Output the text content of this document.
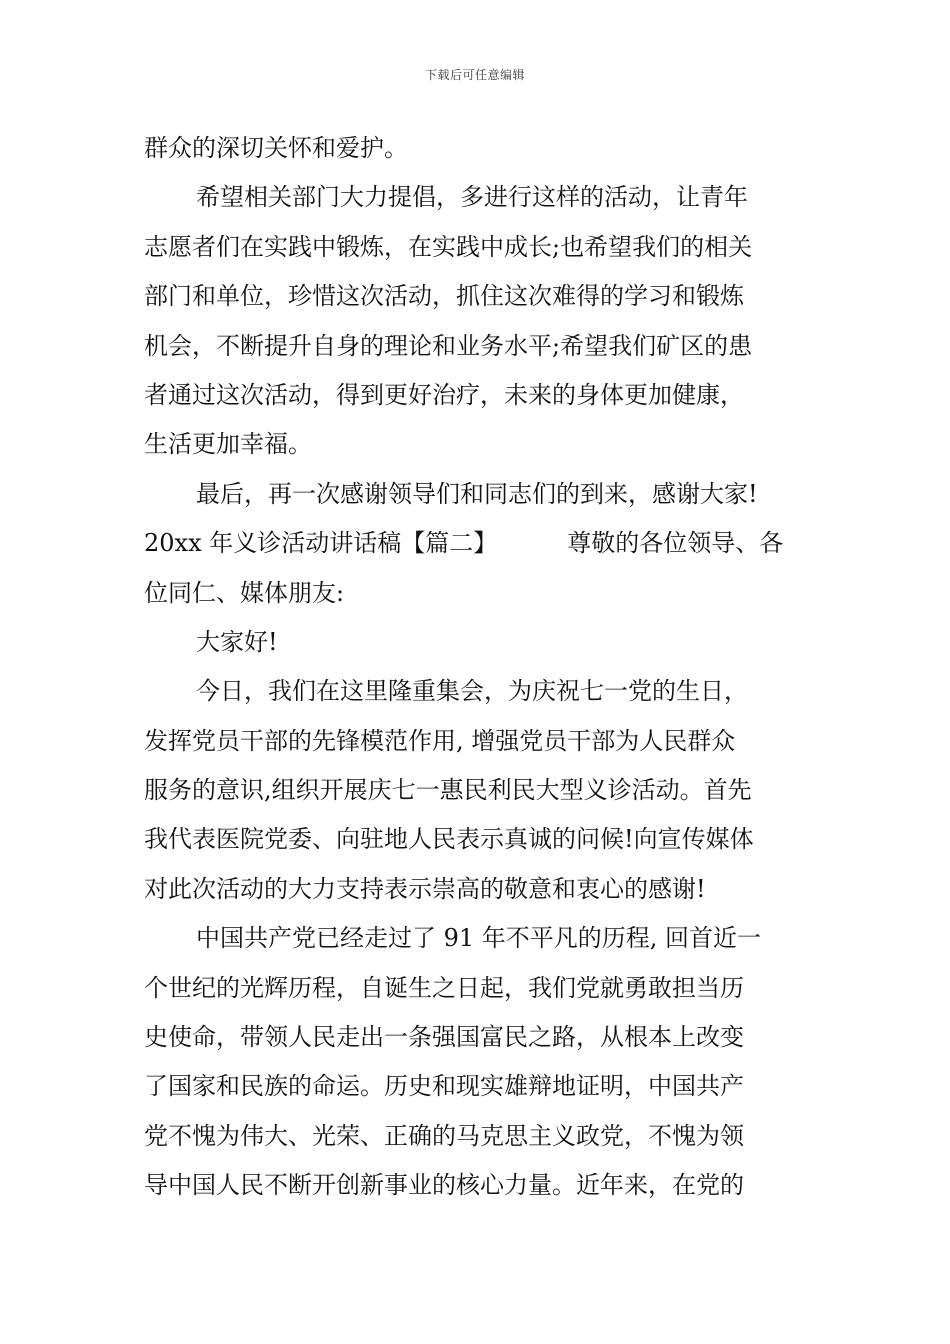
下载后可任意编辑
群众的深切关怀和爱护。
希望相关部门大力提倡，多进行这样的活动，让青年
志愿者们在实践中锻炼，在实践中成长;也希望我们的相关
部门和单位，珍惜这次活动，抓住这次难得的学习和锻炼
机会，不断提升自身的理论和业务水平;希望我们矿区的患
者通过这次活动，得到更好治疗，未来的身体更加健康，
生活更加幸福。
最后，再一次感谢领导们和同志们的到来，感谢大家!
20xx 年义诊活动讲话稿【篇二】	尊敬的各位领导、各
位同仁、媒体朋友:
大家好!
今日，我们在这里隆重集会，为庆祝七一党的生日，
发挥党员干部的先锋模范作用, 增强党员干部为人民群众
服务的意识,组织开展庆七一惠民利民大型义诊活动。首先
我代表医院党委、向驻地人民表示真诚的问候!向宣传媒体
对此次活动的大力支持表示崇高的敬意和衷心的感谢!
中国共产党已经走过了 91 年不平凡的历程, 回首近一
个世纪的光辉历程，自诞生之日起，我们党就勇敢担当历
史使命，带领人民走出一条强国富民之路，从根本上改变
了国家和民族的命运。历史和现实雄辩地证明，中国共产
党不愧为伟大、光荣、正确的马克思主义政党，不愧为领
导中国人民不断开创新事业的核心力量。近年来，在党的
